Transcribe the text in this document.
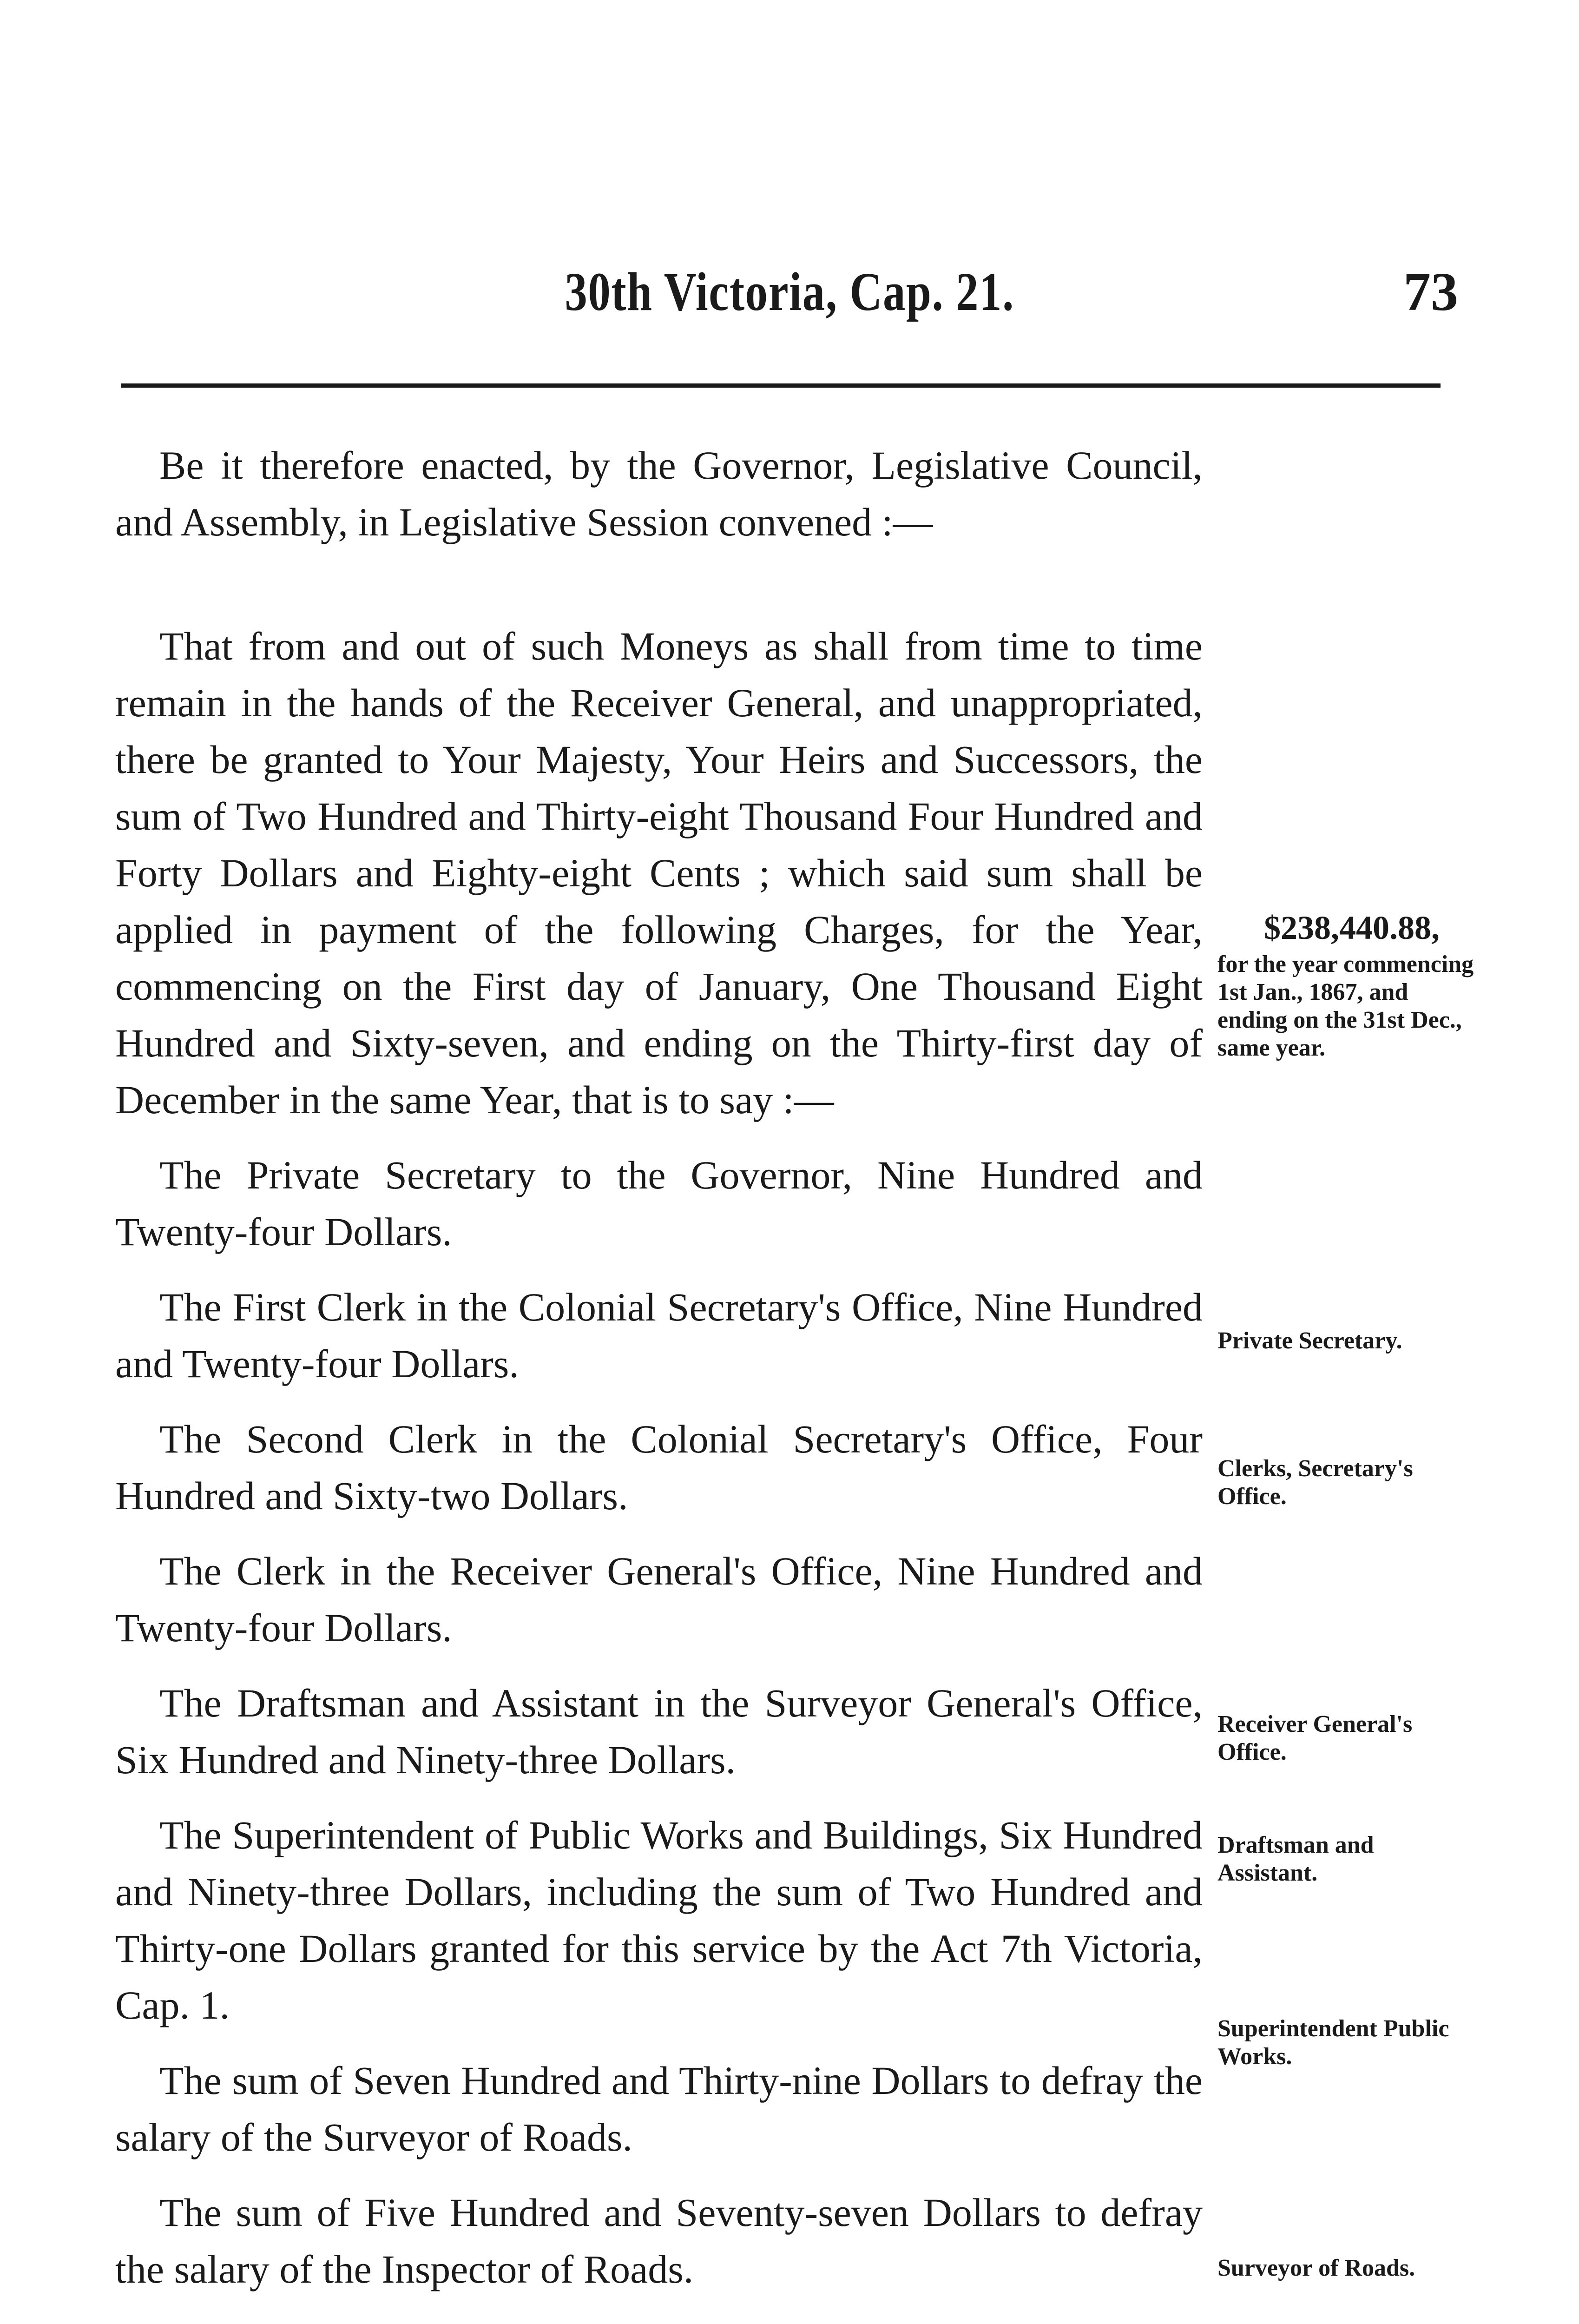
30th Victoria, Cap. 21.	73

Be it therefore enacted, by the Governor, Legislative Council, and Assembly, in Legislative Session convened :—

That from and out of such Moneys as shall from time to time remain in the hands of the Receiver General, and unappropriated, there be granted to Your Majesty, Your Heirs and Successors, the sum of Two Hundred and Thirty-eight Thousand Four Hundred and Forty Dollars and Eighty-eight Cents ; which said sum shall be applied in payment of the following Charges, for the Year, commencing on the First day of January, One Thousand Eight Hundred and Sixty-seven, and ending on the Thirty-first day of December in the same Year, that is to say :—

The Private Secretary to the Governor, Nine Hundred and Twenty-four Dollars.

The First Clerk in the Colonial Secretary's Office, Nine Hundred and Twenty-four Dollars.

The Second Clerk in the Colonial Secretary's Office, Four Hundred and Sixty-two Dollars.

The Clerk in the Receiver General's Office, Nine Hundred and Twenty-four Dollars.

The Draftsman and Assistant in the Surveyor General's Office, Six Hundred and Ninety-three Dollars.

The Superintendent of Public Works and Buildings, Six Hundred and Ninety-three Dollars, including the sum of Two Hundred and Thirty-one Dollars granted for this service by the Act 7th Victoria, Cap. 1.

The sum of Seven Hundred and Thirty-nine Dollars to defray the salary of the Surveyor of Roads.

The sum of Five Hundred and Seventy-seven Dollars to defray the salary of the Inspector of Roads.

$238,440.88,
for the year commencing 1st Jan., 1867, and ending on the 31st Dec., same year.
Private Secretary.
Clerks, Secretary's Office.
Receiver General's Office.
Draftsman and Assistant.
Superintendent Public Works.
Surveyor of Roads.
